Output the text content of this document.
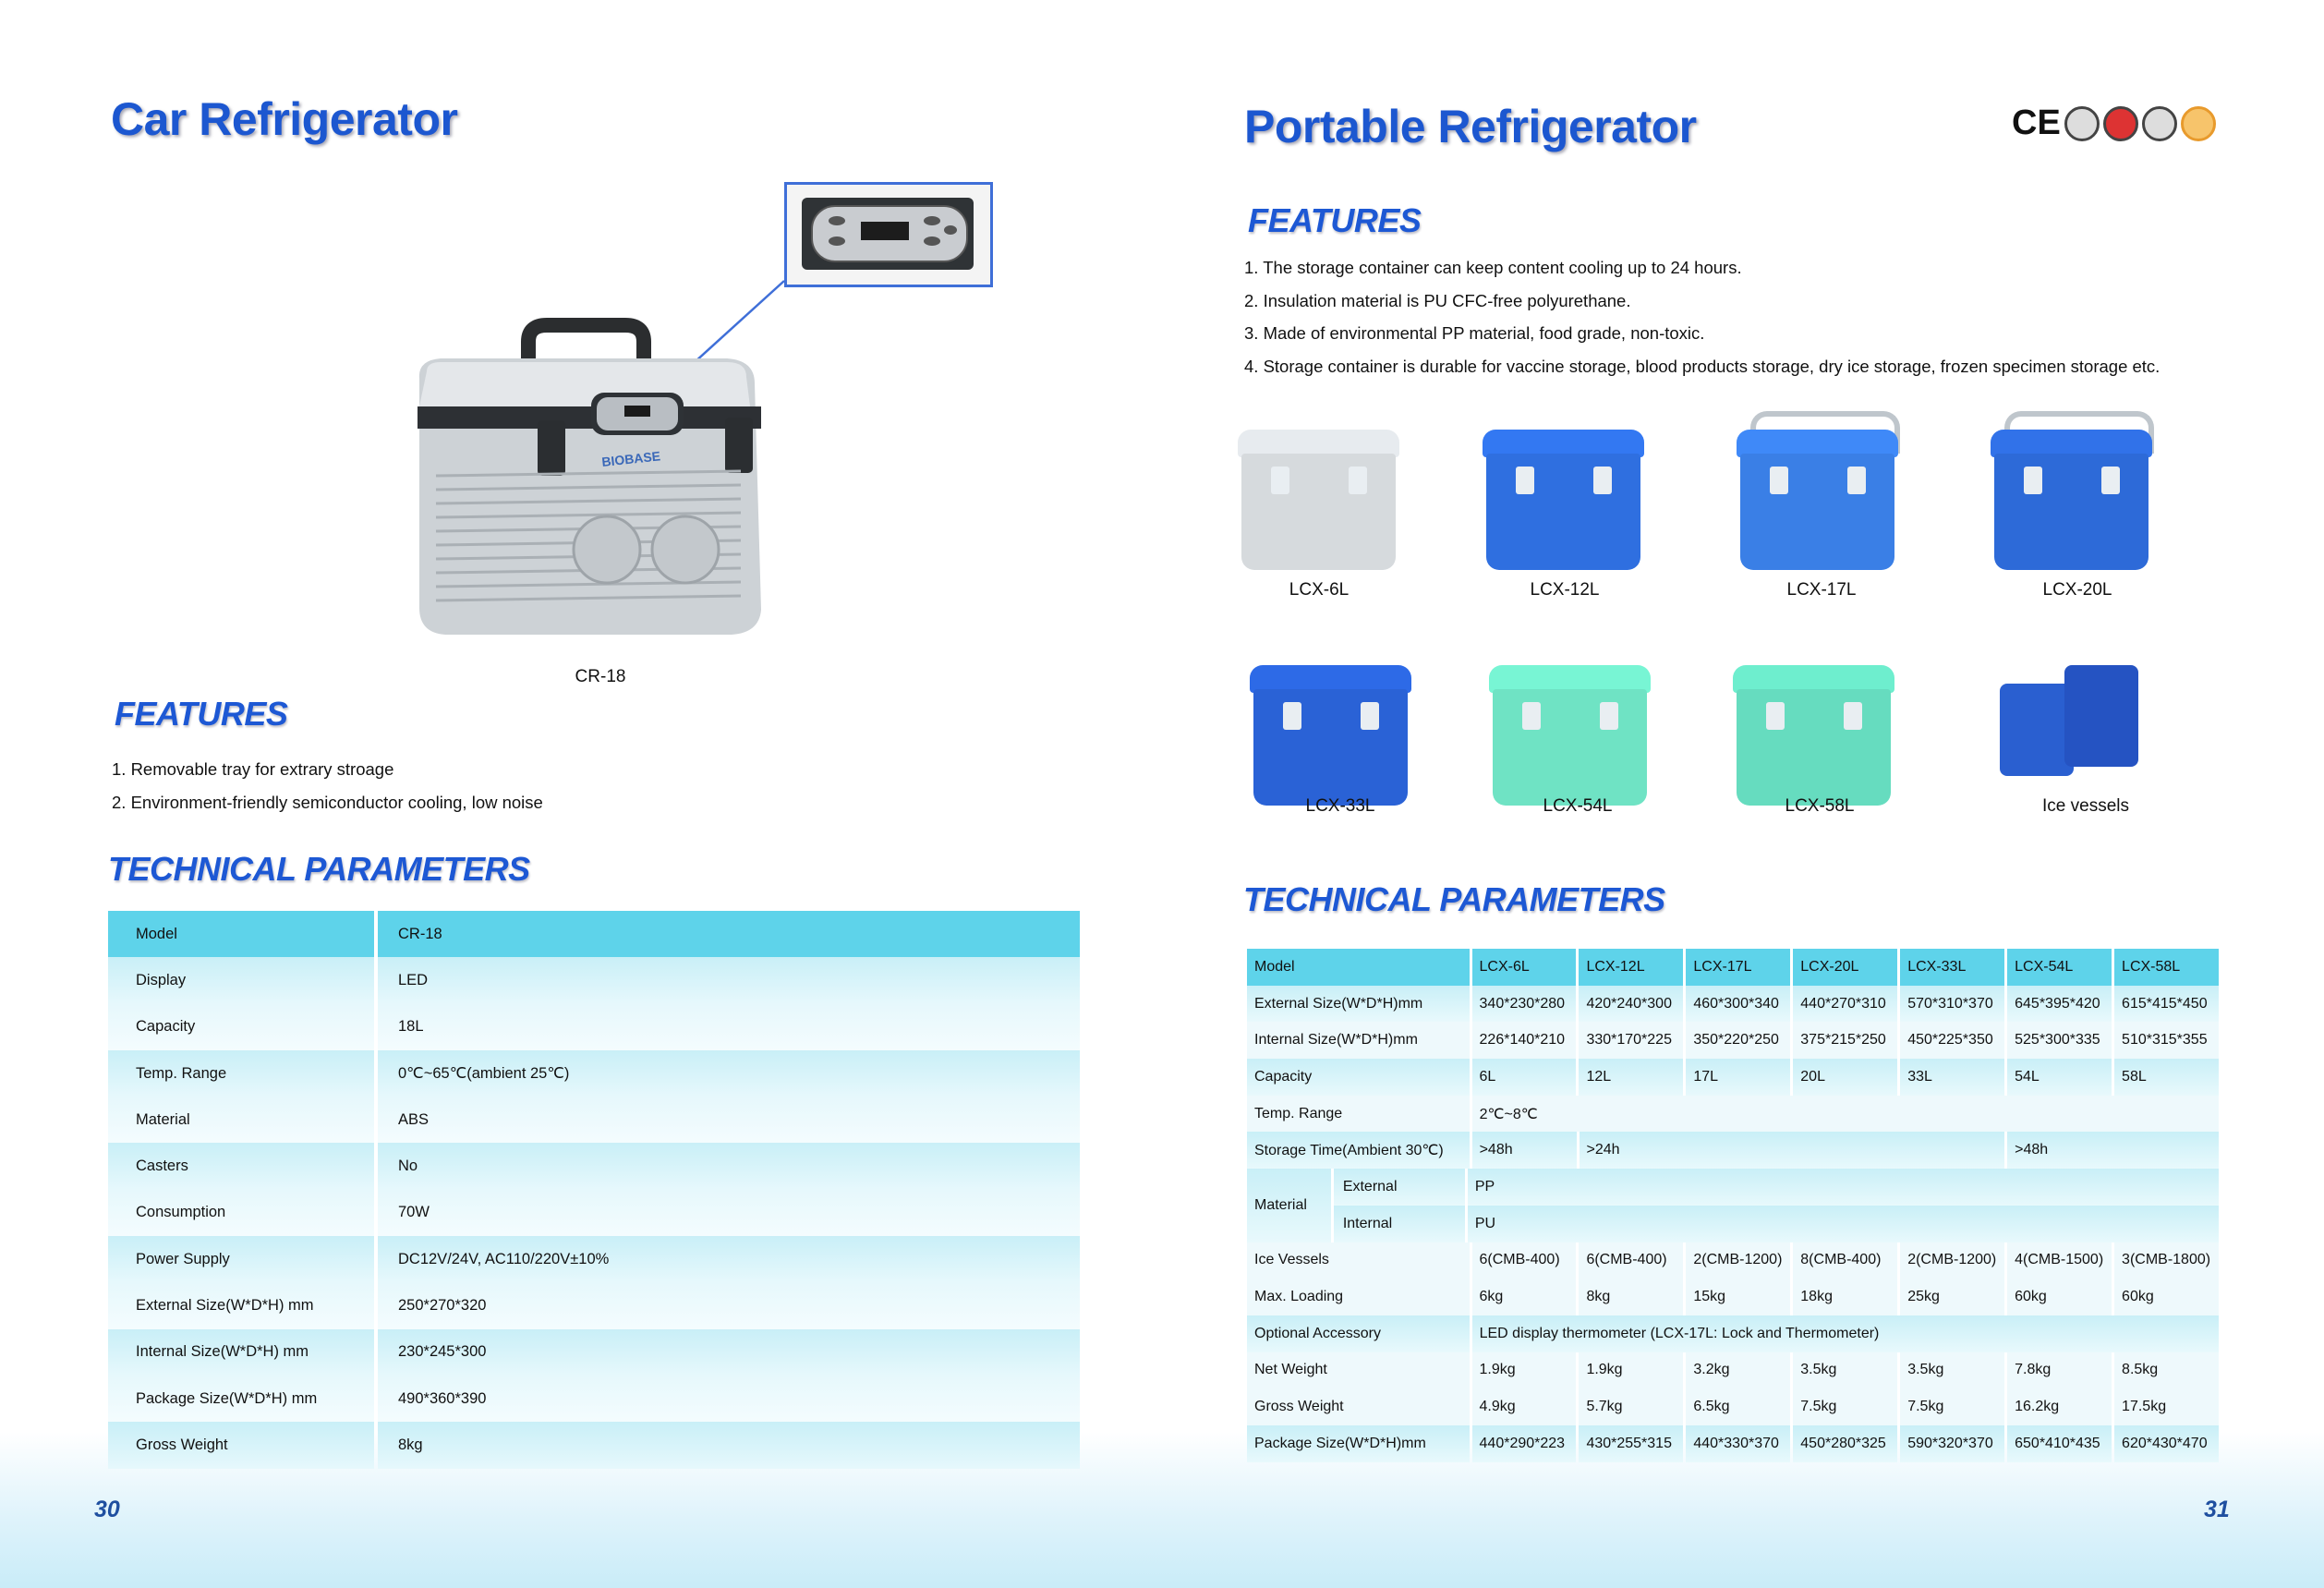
Car Refrigerator
BIOBASE
CR-18
FEATURES
1. Removable tray for extrary stroage
2. Environment-friendly semiconductor cooling, low noise
TECHNICAL PARAMETERS
Model	CR-18
Display	LED
Capacity	18L
Temp. Range	0℃~65℃(ambient 25℃)
Material	ABS
Casters	No
Consumption	70W
Power Supply	DC12V/24V, AC110/220V±10%
External Size(W*D*H) mm	250*270*320
Internal Size(W*D*H) mm	230*245*300
Package Size(W*D*H) mm	490*360*390
Gross Weight	8kg
30
Portable Refrigerator	CE
FEATURES
1. The storage container can keep content cooling up to 24 hours.
2. Insulation material is PU CFC-free polyurethane.
3. Made of environmental PP material, food grade, non-toxic.
4. Storage container is durable for vaccine storage, blood products storage, dry ice storage, frozen specimen storage etc.
LCX-6L	LCX-12L	LCX-17L	LCX-20L
LCX-33L	LCX-54L	LCX-58L	Ice vessels
TECHNICAL PARAMETERS
Model	LCX-6L	LCX-12L	LCX-17L	LCX-20L	LCX-33L	LCX-54L	LCX-58L
External Size(W*D*H)mm	340*230*280	420*240*300	460*300*340	440*270*310	570*310*370	645*395*420	615*415*450
Internal Size(W*D*H)mm	226*140*210	330*170*225	350*220*250	375*215*250	450*225*350	525*300*335	510*315*355
Capacity	6L	12L	17L	20L	33L	54L	58L
Temp. Range	2℃~8℃
Storage Time(Ambient 30℃)	>48h	>24h	>48h
Material
External	PP
Internal	PU
Ice Vessels	6(CMB-400)	6(CMB-400)	2(CMB-1200)	8(CMB-400)	2(CMB-1200)	4(CMB-1500)	3(CMB-1800)
Max. Loading	6kg	8kg	15kg	18kg	25kg	60kg	60kg
Optional Accessory	LED display thermometer (LCX-17L: Lock and Thermometer)
Net Weight	1.9kg	1.9kg	3.2kg	3.5kg	3.5kg	7.8kg	8.5kg
Gross Weight	4.9kg	5.7kg	6.5kg	7.5kg	7.5kg	16.2kg	17.5kg
Package Size(W*D*H)mm	440*290*223	430*255*315	440*330*370	450*280*325	590*320*370	650*410*435	620*430*470
31
